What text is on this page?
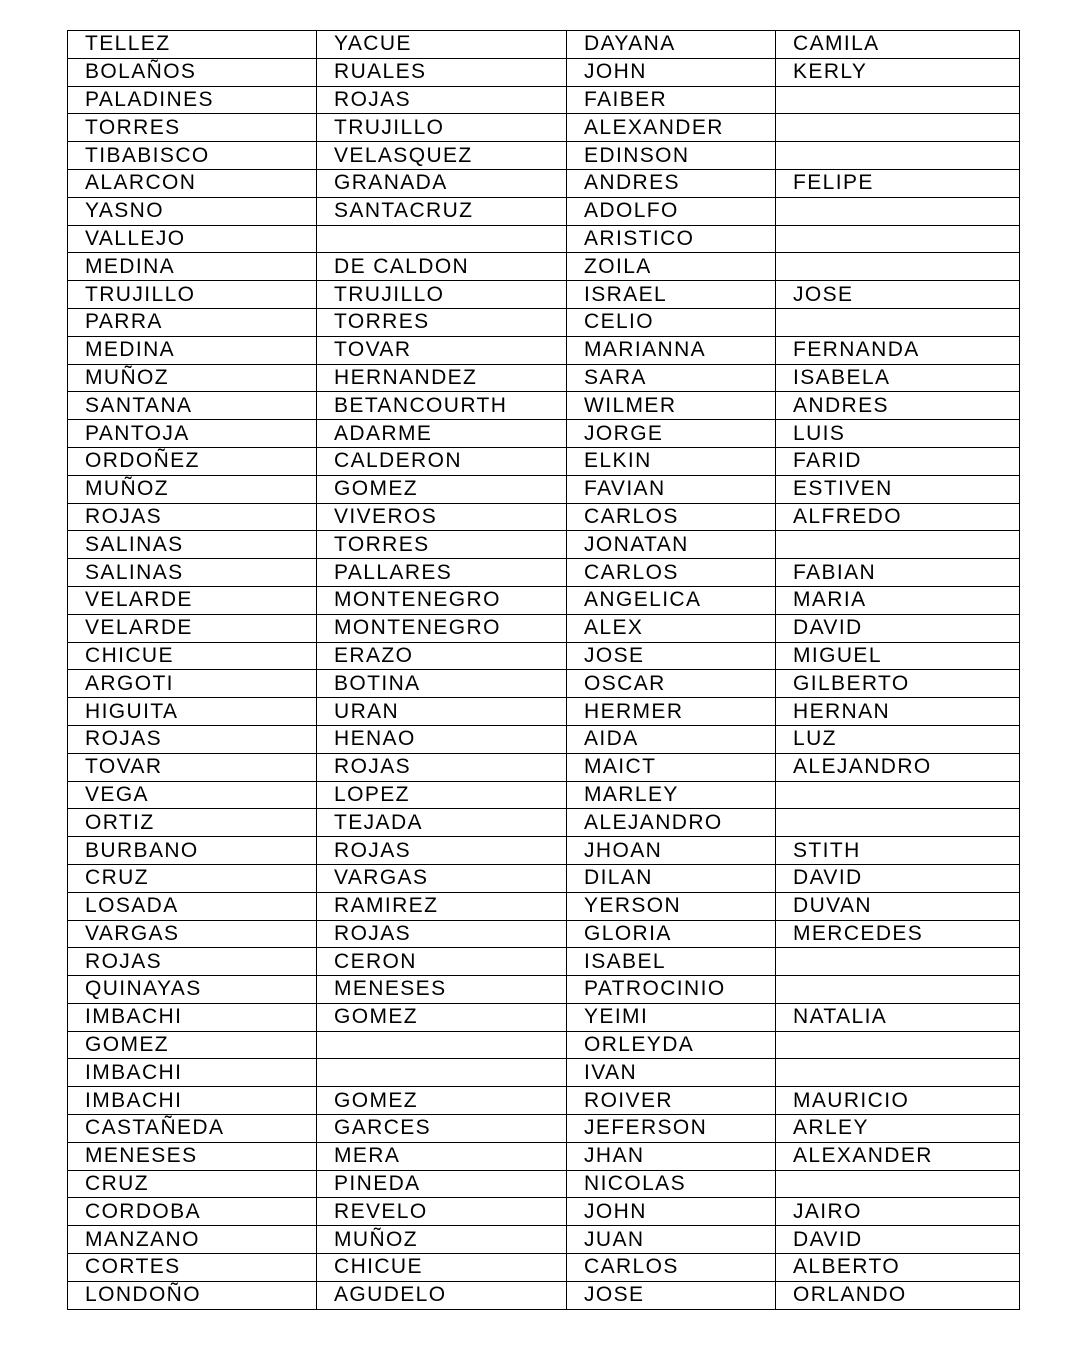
TELLEZ	YACUE	DAYANA	CAMILA
BOLAÑOS	RUALES	JOHN	KERLY
PALADINES	ROJAS	FAIBER	
TORRES	TRUJILLO	ALEXANDER	
TIBABISCO	VELASQUEZ	EDINSON	
ALARCON	GRANADA	ANDRES	FELIPE
YASNO	SANTACRUZ	ADOLFO	
VALLEJO		ARISTICO	
MEDINA	DE CALDON	ZOILA	
TRUJILLO	TRUJILLO	ISRAEL	JOSE
PARRA	TORRES	CELIO	
MEDINA	TOVAR	MARIANNA	FERNANDA
MUÑOZ	HERNANDEZ	SARA	ISABELA
SANTANA	BETANCOURTH	WILMER	ANDRES
PANTOJA	ADARME	JORGE	LUIS
ORDOÑEZ	CALDERON	ELKIN	FARID
MUÑOZ	GOMEZ	FAVIAN	ESTIVEN
ROJAS	VIVEROS	CARLOS	ALFREDO
SALINAS	TORRES	JONATAN	
SALINAS	PALLARES	CARLOS	FABIAN
VELARDE	MONTENEGRO	ANGELICA	MARIA
VELARDE	MONTENEGRO	ALEX	DAVID
CHICUE	ERAZO	JOSE	MIGUEL
ARGOTI	BOTINA	OSCAR	GILBERTO
HIGUITA	URAN	HERMER	HERNAN
ROJAS	HENAO	AIDA	LUZ
TOVAR	ROJAS	MAICT	ALEJANDRO
VEGA	LOPEZ	MARLEY	
ORTIZ	TEJADA	ALEJANDRO	
BURBANO	ROJAS	JHOAN	STITH
CRUZ	VARGAS	DILAN	DAVID
LOSADA	RAMIREZ	YERSON	DUVAN
VARGAS	ROJAS	GLORIA	MERCEDES
ROJAS	CERON	ISABEL	
QUINAYAS	MENESES	PATROCINIO	
IMBACHI	GOMEZ	YEIMI	NATALIA
GOMEZ		ORLEYDA	
IMBACHI		IVAN	
IMBACHI	GOMEZ	ROIVER	MAURICIO
CASTAÑEDA	GARCES	JEFERSON	ARLEY
MENESES	MERA	JHAN	ALEXANDER
CRUZ	PINEDA	NICOLAS	
CORDOBA	REVELO	JOHN	JAIRO
MANZANO	MUÑOZ	JUAN	DAVID
CORTES	CHICUE	CARLOS	ALBERTO
LONDOÑO	AGUDELO	JOSE	ORLANDO
